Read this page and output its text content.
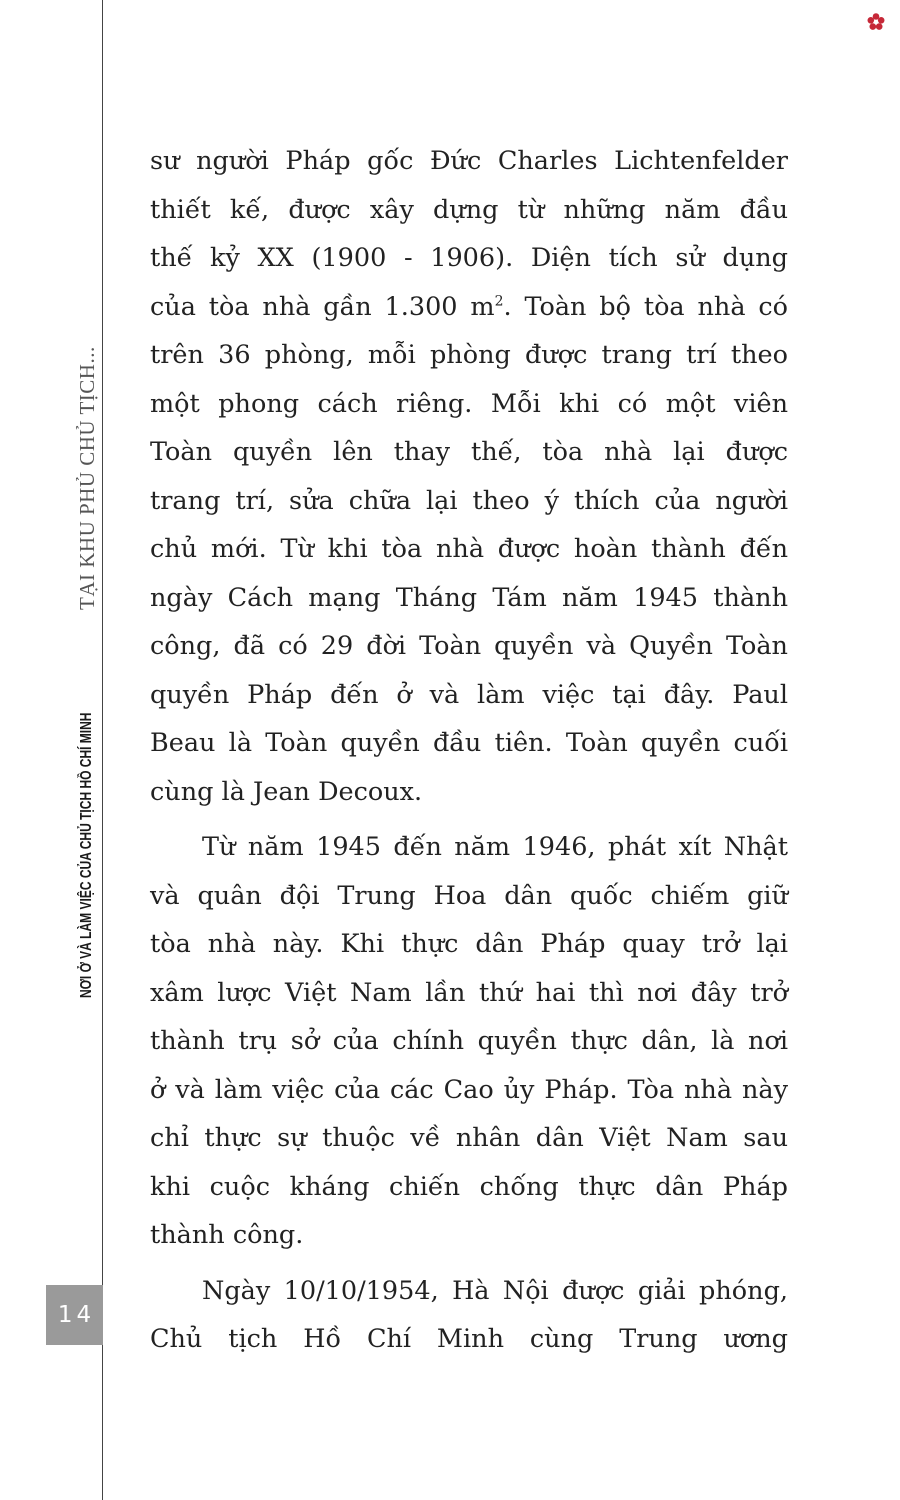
NƠI Ở VÀ LÀM VIỆC CỦA CHỦ TỊCH HỒ CHÍ MINH
TẠI KHU PHỦ CHỦ TỊCH...
14
sư người Pháp gốc Đức Charles Lichtenfelder
thiết kế, được xây dựng từ những năm đầu
thế kỷ XX (1900 - 1906). Diện tích sử dụng
của tòa nhà gần 1.300 $m^2$. Toàn bộ tòa nhà có
trên 36 phòng, mỗi phòng được trang trí theo
một phong cách riêng. Mỗi khi có một viên
Toàn quyền lên thay thế, tòa nhà lại được
trang trí, sửa chữa lại theo ý thích của người
chủ mới. Từ khi tòa nhà được hoàn thành đến
ngày Cách mạng Tháng Tám năm 1945 thành
công, đã có 29 đời Toàn quyền và Quyền Toàn
quyền Pháp đến ở và làm việc tại đây. Paul
Beau là Toàn quyền đầu tiên. Toàn quyền cuối
cùng là Jean Decoux.
Từ năm 1945 đến năm 1946, phát xít Nhật
và quân đội Trung Hoa dân quốc chiếm giữ
tòa nhà này. Khi thực dân Pháp quay trở lại
xâm lược Việt Nam lần thứ hai thì nơi đây trở
thành trụ sở của chính quyền thực dân, là nơi
ở và làm việc của các Cao ủy Pháp. Tòa nhà này
chỉ thực sự thuộc về nhân dân Việt Nam sau
khi cuộc kháng chiến chống thực dân Pháp
thành công.
Ngày 10/10/1954, Hà Nội được giải phóng,
Chủ tịch Hồ Chí Minh cùng Trung ương
